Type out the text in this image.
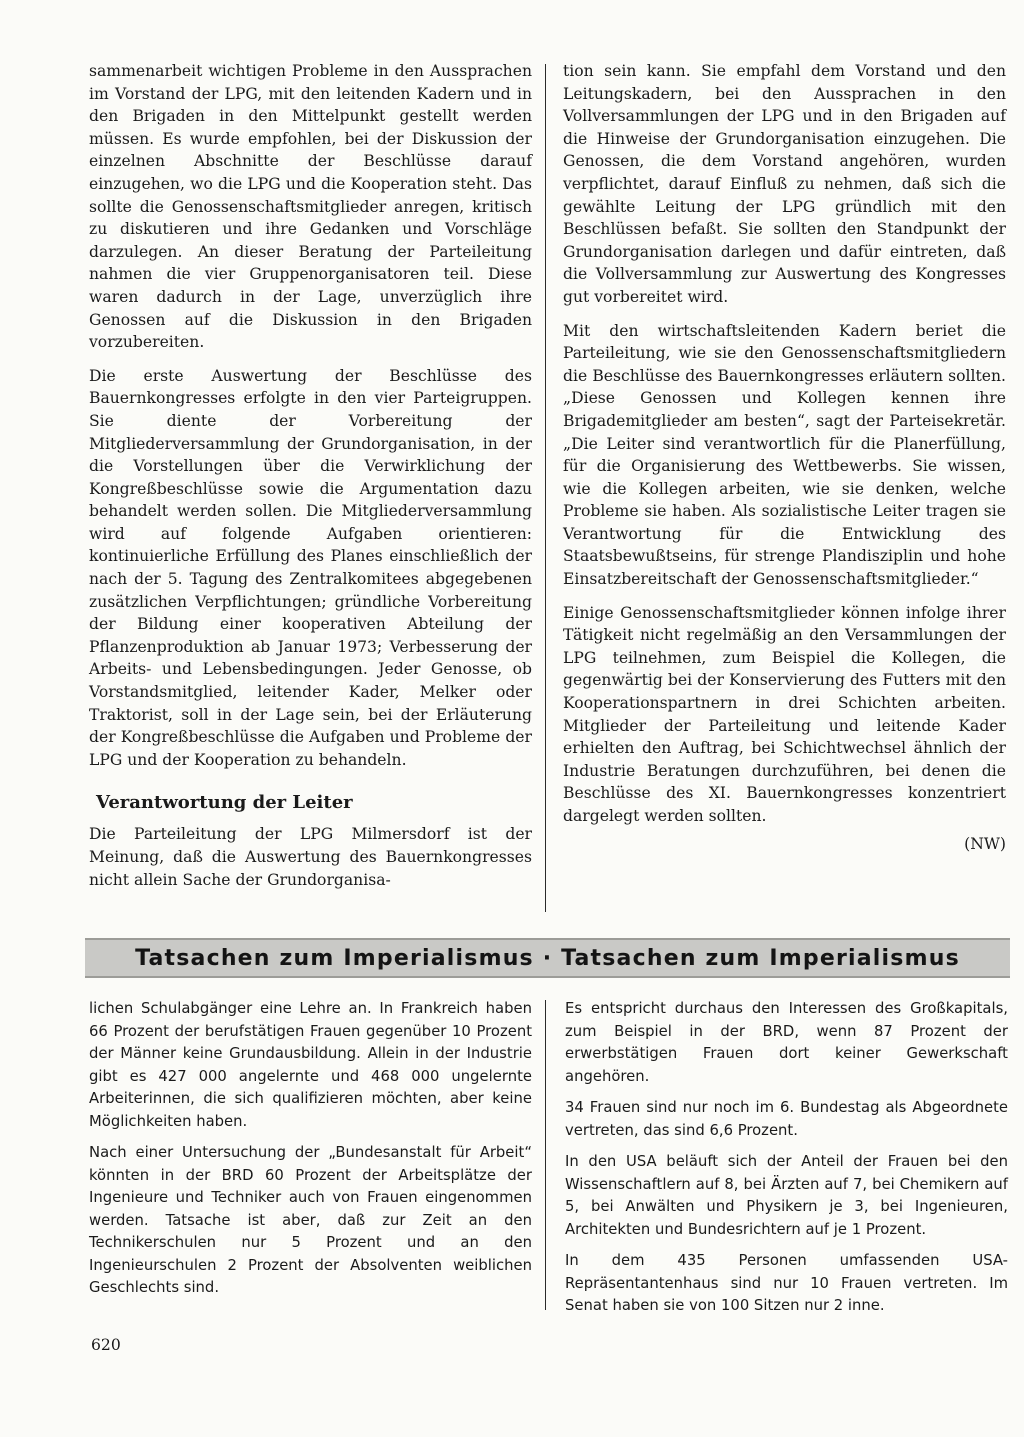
sammenarbeit wichtigen Probleme in den Aussprachen im Vorstand der LPG, mit den leitenden Kadern und in den Brigaden in den Mittelpunkt gestellt werden müssen. Es wurde empfohlen, bei der Diskussion der einzelnen Abschnitte der Beschlüsse darauf einzugehen, wo die LPG und die Kooperation steht. Das sollte die Genossenschaftsmitglieder anregen, kritisch zu diskutieren und ihre Gedanken und Vorschläge darzulegen. An dieser Beratung der Parteileitung nahmen die vier Gruppenorganisatoren teil. Diese waren dadurch in der Lage, unverzüglich ihre Genossen auf die Diskussion in den Brigaden vorzubereiten.

Die erste Auswertung der Beschlüsse des Bauernkongresses erfolgte in den vier Parteigruppen. Sie diente der Vorbereitung der Mitgliederversammlung der Grundorganisation, in der die Vorstellungen über die Verwirklichung der Kongreßbeschlüsse sowie die Argumentation dazu behandelt werden sollen. Die Mitgliederversammlung wird auf folgende Aufgaben orientieren: kontinuierliche Erfüllung des Planes einschließlich der nach der 5. Tagung des Zentralkomitees abgegebenen zusätzlichen Verpflichtungen; gründliche Vorbereitung der Bildung einer kooperativen Abteilung der Pflanzenproduktion ab Januar 1973; Verbesserung der Arbeits- und Lebensbedingungen. Jeder Genosse, ob Vorstandsmitglied, leitender Kader, Melker oder Traktorist, soll in der Lage sein, bei der Erläuterung der Kongreßbeschlüsse die Aufgaben und Probleme der LPG und der Kooperation zu behandeln.

Verantwortung der Leiter

Die Parteileitung der LPG Milmersdorf ist der Meinung, daß die Auswertung des Bauernkongresses nicht allein Sache der Grundorganisa-

tion sein kann. Sie empfahl dem Vorstand und den Leitungskadern, bei den Aussprachen in den Vollversammlungen der LPG und in den Brigaden auf die Hinweise der Grundorganisation einzugehen. Die Genossen, die dem Vorstand angehören, wurden verpflichtet, darauf Einfluß zu nehmen, daß sich die gewählte Leitung der LPG gründlich mit den Beschlüssen befaßt. Sie sollten den Standpunkt der Grundorganisation darlegen und dafür eintreten, daß die Vollversammlung zur Auswertung des Kongresses gut vorbereitet wird.

Mit den wirtschaftsleitenden Kadern beriet die Parteileitung, wie sie den Genossenschaftsmitgliedern die Beschlüsse des Bauernkongresses erläutern sollten. „Diese Genossen und Kollegen kennen ihre Brigademitglieder am besten“, sagt der Parteisekretär. „Die Leiter sind verantwortlich für die Planerfüllung, für die Organisierung des Wettbewerbs. Sie wissen, wie die Kollegen arbeiten, wie sie denken, welche Probleme sie haben. Als sozialistische Leiter tragen sie Verantwortung für die Entwicklung des Staatsbewußtseins, für strenge Plandisziplin und hohe Einsatzbereitschaft der Genossenschaftsmitglieder.“

Einige Genossenschaftsmitglieder können infolge ihrer Tätigkeit nicht regelmäßig an den Versammlungen der LPG teilnehmen, zum Beispiel die Kollegen, die gegenwärtig bei der Konservierung des Futters mit den Kooperationspartnern in drei Schichten arbeiten. Mitglieder der Parteileitung und leitende Kader erhielten den Auftrag, bei Schichtwechsel ähnlich der Industrie Beratungen durchzuführen, bei denen die Beschlüsse des XI. Bauernkongresses konzentriert dargelegt werden sollten.

(NW)
Tatsachen zum Imperialismus · Tatsachen zum Imperialismus

lichen Schulabgänger eine Lehre an. In Frankreich haben 66 Prozent der berufstätigen Frauen gegenüber 10 Prozent der Männer keine Grundausbildung. Allein in der Industrie gibt es 427 000 angelernte und 468 000 ungelernte Arbeiterinnen, die sich qualifizieren möchten, aber keine Möglichkeiten haben.

Nach einer Untersuchung der „Bundesanstalt für Arbeit“ könnten in der BRD 60 Prozent der Arbeitsplätze der Ingenieure und Techniker auch von Frauen eingenommen werden. Tatsache ist aber, daß zur Zeit an den Technikerschulen nur 5 Prozent und an den Ingenieurschulen 2 Prozent der Absolventen weiblichen Geschlechts sind.

Es entspricht durchaus den Interessen des Großkapitals, zum Beispiel in der BRD, wenn 87 Prozent der erwerbstätigen Frauen dort keiner Gewerkschaft angehören.

34 Frauen sind nur noch im 6. Bundestag als Abgeordnete vertreten, das sind 6,6 Prozent.

In den USA beläuft sich der Anteil der Frauen bei den Wissenschaftlern auf 8, bei Ärzten auf 7, bei Chemikern auf 5, bei Anwälten und Physikern je 3, bei Ingenieuren, Architekten und Bundesrichtern auf je 1 Prozent.

In dem 435 Personen umfassenden USA-Repräsentantenhaus sind nur 10 Frauen vertreten. Im Senat haben sie von 100 Sitzen nur 2 inne.

620
